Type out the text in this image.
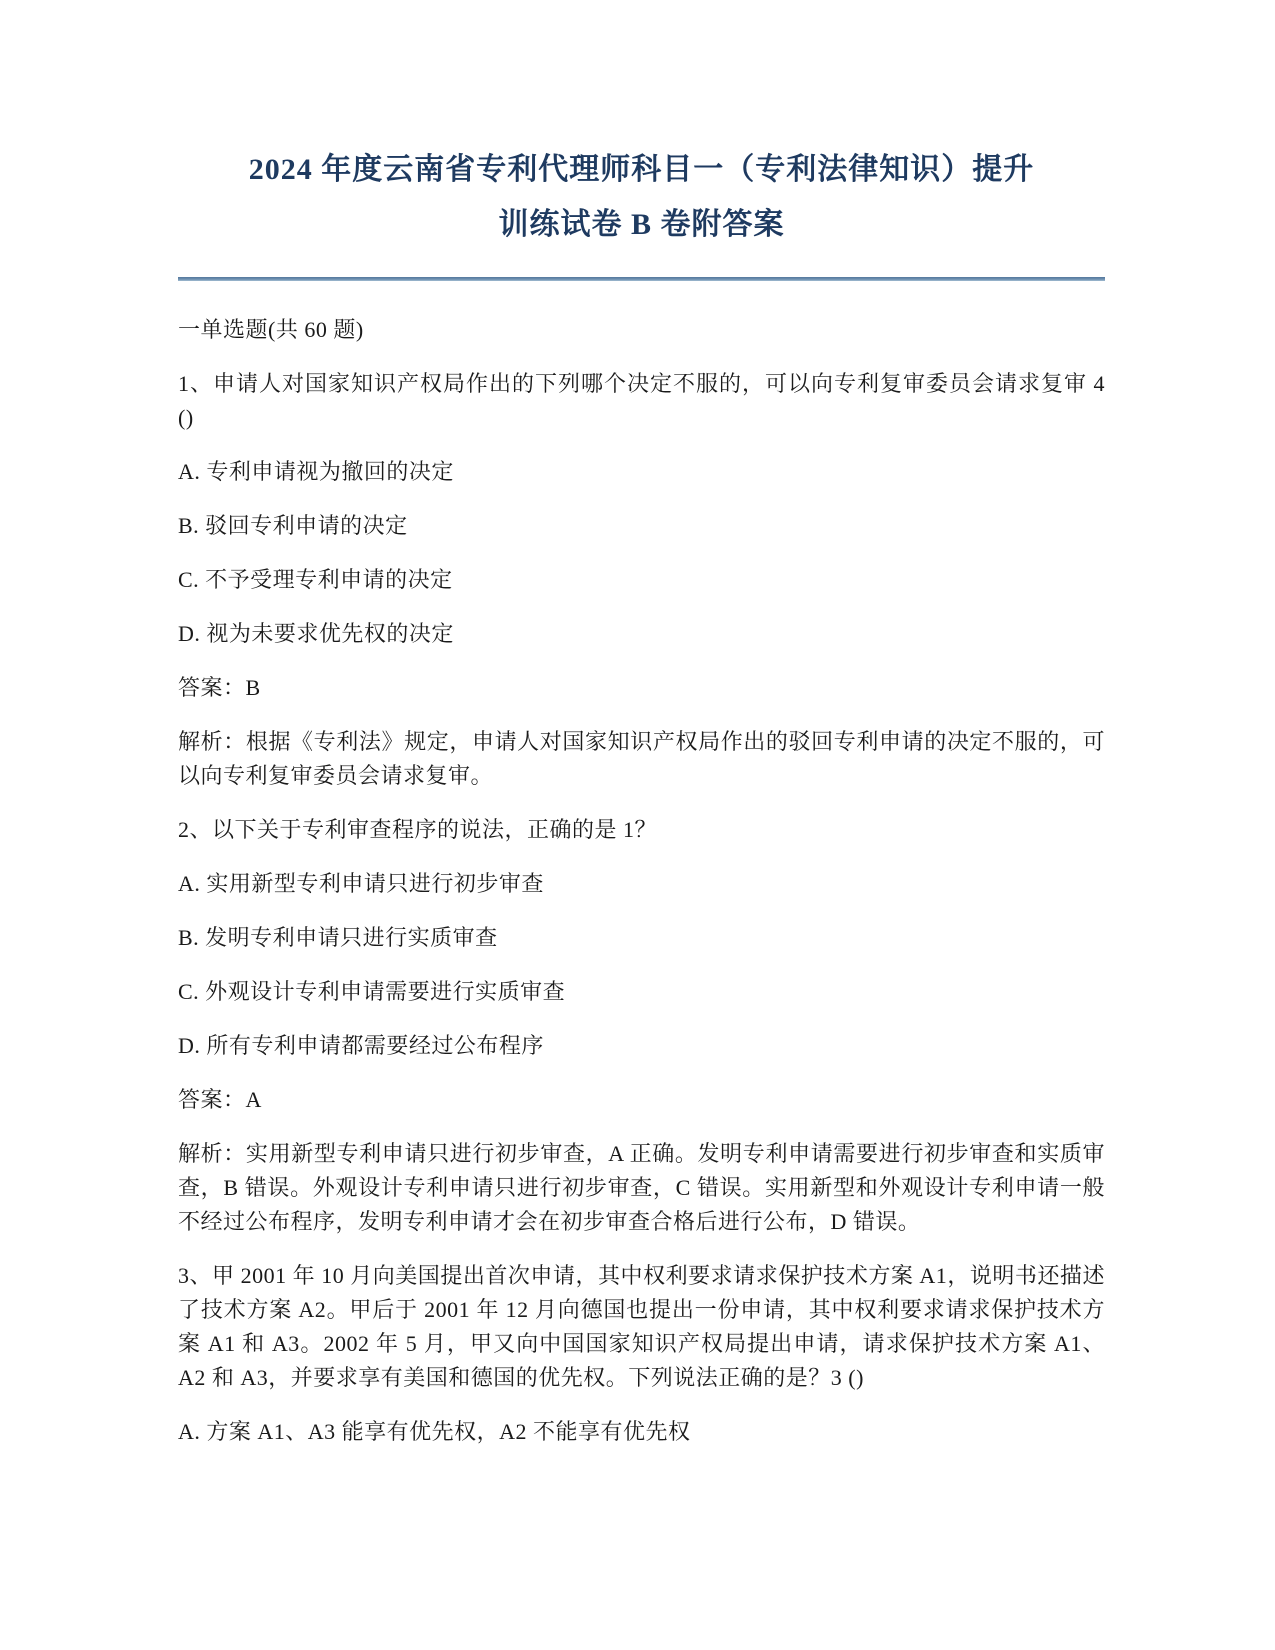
2024 年度云南省专利代理师科目一（专利法律知识）提升
训练试卷 B 卷附答案

一单选题(共 60 题)

1、申请人对国家知识产权局作出的下列哪个决定不服的，可以向专利复审委员会请求复审 4 ()

A. 专利申请视为撤回的决定

B. 驳回专利申请的决定

C. 不予受理专利申请的决定

D. 视为未要求优先权的决定

答案：B

解析：根据《专利法》规定，申请人对国家知识产权局作出的驳回专利申请的决定不服的，可以向专利复审委员会请求复审。

2、以下关于专利审查程序的说法，正确的是 1？

A. 实用新型专利申请只进行初步审查

B. 发明专利申请只进行实质审查

C. 外观设计专利申请需要进行实质审查

D. 所有专利申请都需要经过公布程序

答案：A

解析：实用新型专利申请只进行初步审查，A 正确。发明专利申请需要进行初步审查和实质审查，B 错误。外观设计专利申请只进行初步审查，C 错误。实用新型和外观设计专利申请一般不经过公布程序，发明专利申请才会在初步审查合格后进行公布，D 错误。

3、甲 2001 年 10 月向美国提出首次申请，其中权利要求请求保护技术方案 A1，说明书还描述了技术方案 A2。甲后于 2001 年 12 月向德国也提出一份申请，其中权利要求请求保护技术方案 A1 和 A3。2002 年 5 月，甲又向中国国家知识产权局提出申请，请求保护技术方案 A1、A2 和 A3，并要求享有美国和德国的优先权。下列说法正确的是？3 ()

A. 方案 A1、A3 能享有优先权，A2 不能享有优先权
